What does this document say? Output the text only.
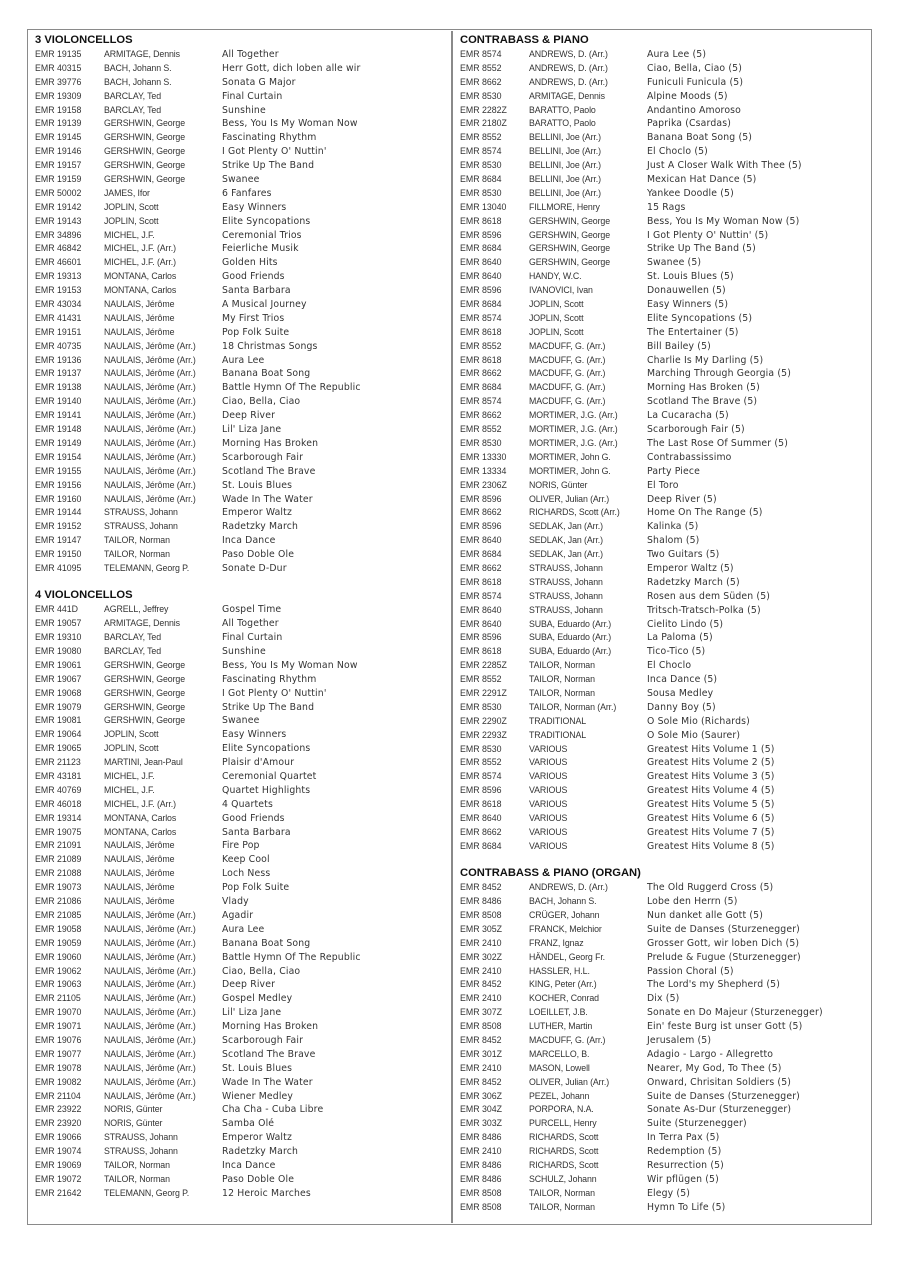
3 VIOLONCELLOS
EMR 19135	ARMITAGE, Dennis	All Together
EMR 40315	BACH, Johann S.	Herr Gott, dich loben alle wir
EMR 39776	BACH, Johann S.	Sonata G Major
EMR 19309	BARCLAY, Ted	Final Curtain
EMR 19158	BARCLAY, Ted	Sunshine
EMR 19139	GERSHWIN, George	Bess, You Is My Woman Now
EMR 19145	GERSHWIN, George	Fascinating Rhythm
EMR 19146	GERSHWIN, George	I Got Plenty O' Nuttin'
EMR 19157	GERSHWIN, George	Strike Up The Band
EMR 19159	GERSHWIN, George	Swanee
EMR 50002	JAMES, Ifor	6 Fanfares
EMR 19142	JOPLIN, Scott	Easy Winners
EMR 19143	JOPLIN, Scott	Elite Syncopations
EMR 34896	MICHEL, J.F.	Ceremonial Trios
EMR 46842	MICHEL, J.F. (Arr.)	Feierliche Musik
EMR 46601	MICHEL, J.F. (Arr.)	Golden Hits
EMR 19313	MONTANA, Carlos	Good Friends
EMR 19153	MONTANA, Carlos	Santa Barbara
EMR 43034	NAULAIS, Jérôme	A Musical Journey
EMR 41431	NAULAIS, Jérôme	My First Trios
EMR 19151	NAULAIS, Jérôme	Pop Folk Suite
EMR 40735	NAULAIS, Jérôme (Arr.)	18 Christmas Songs
EMR 19136	NAULAIS, Jérôme (Arr.)	Aura Lee
EMR 19137	NAULAIS, Jérôme (Arr.)	Banana Boat Song
EMR 19138	NAULAIS, Jérôme (Arr.)	Battle Hymn Of The Republic
EMR 19140	NAULAIS, Jérôme (Arr.)	Ciao, Bella, Ciao
EMR 19141	NAULAIS, Jérôme (Arr.)	Deep River
EMR 19148	NAULAIS, Jérôme (Arr.)	Lil' Liza Jane
EMR 19149	NAULAIS, Jérôme (Arr.)	Morning Has Broken
EMR 19154	NAULAIS, Jérôme (Arr.)	Scarborough Fair
EMR 19155	NAULAIS, Jérôme (Arr.)	Scotland The Brave
EMR 19156	NAULAIS, Jérôme (Arr.)	St. Louis Blues
EMR 19160	NAULAIS, Jérôme (Arr.)	Wade In The Water
EMR 19144	STRAUSS, Johann	Emperor Waltz
EMR 19152	STRAUSS, Johann	Radetzky March
EMR 19147	TAILOR, Norman	Inca Dance
EMR 19150	TAILOR, Norman	Paso Doble Ole
EMR 41095	TELEMANN, Georg P.	Sonate D-Dur
4 VIOLONCELLOS
EMR 441D	AGRELL, Jeffrey	Gospel Time
EMR 19057	ARMITAGE, Dennis	All Together
EMR 19310	BARCLAY, Ted	Final Curtain
EMR 19080	BARCLAY, Ted	Sunshine
EMR 19061	GERSHWIN, George	Bess, You Is My Woman Now
EMR 19067	GERSHWIN, George	Fascinating Rhythm
EMR 19068	GERSHWIN, George	I Got Plenty O' Nuttin'
EMR 19079	GERSHWIN, George	Strike Up The Band
EMR 19081	GERSHWIN, George	Swanee
EMR 19064	JOPLIN, Scott	Easy Winners
EMR 19065	JOPLIN, Scott	Elite Syncopations
EMR 21123	MARTINI, Jean-Paul	Plaisir d'Amour
EMR 43181	MICHEL, J.F.	Ceremonial Quartet
EMR 40769	MICHEL, J.F.	Quartet Highlights
EMR 46018	MICHEL, J.F. (Arr.)	4 Quartets
EMR 19314	MONTANA, Carlos	Good Friends
EMR 19075	MONTANA, Carlos	Santa Barbara
EMR 21091	NAULAIS, Jérôme	Fire Pop
EMR 21089	NAULAIS, Jérôme	Keep Cool
EMR 21088	NAULAIS, Jérôme	Loch Ness
EMR 19073	NAULAIS, Jérôme	Pop Folk Suite
EMR 21086	NAULAIS, Jérôme	Vlady
EMR 21085	NAULAIS, Jérôme (Arr.)	Agadir
EMR 19058	NAULAIS, Jérôme (Arr.)	Aura Lee
EMR 19059	NAULAIS, Jérôme (Arr.)	Banana Boat Song
EMR 19060	NAULAIS, Jérôme (Arr.)	Battle Hymn Of The Republic
EMR 19062	NAULAIS, Jérôme (Arr.)	Ciao, Bella, Ciao
EMR 19063	NAULAIS, Jérôme (Arr.)	Deep River
EMR 21105	NAULAIS, Jérôme (Arr.)	Gospel Medley
EMR 19070	NAULAIS, Jérôme (Arr.)	Lil' Liza Jane
EMR 19071	NAULAIS, Jérôme (Arr.)	Morning Has Broken
EMR 19076	NAULAIS, Jérôme (Arr.)	Scarborough Fair
EMR 19077	NAULAIS, Jérôme (Arr.)	Scotland The Brave
EMR 19078	NAULAIS, Jérôme (Arr.)	St. Louis Blues
EMR 19082	NAULAIS, Jérôme (Arr.)	Wade In The Water
EMR 21104	NAULAIS, Jérôme (Arr.)	Wiener Medley
EMR 23922	NORIS, Günter	Cha Cha - Cuba Libre
EMR 23920	NORIS, Günter	Samba Olé
EMR 19066	STRAUSS, Johann	Emperor Waltz
EMR 19074	STRAUSS, Johann	Radetzky March
EMR 19069	TAILOR, Norman	Inca Dance
EMR 19072	TAILOR, Norman	Paso Doble Ole
EMR 21642	TELEMANN, Georg P.	12 Heroic Marches
CONTRABASS & PIANO
EMR 8574	ANDREWS, D. (Arr.)	Aura Lee (5)
EMR 8552	ANDREWS, D. (Arr.)	Ciao, Bella, Ciao (5)
EMR 8662	ANDREWS, D. (Arr.)	Funiculi Funicula (5)
EMR 8530	ARMITAGE, Dennis	Alpine Moods (5)
EMR 2282Z	BARATTO, Paolo	Andantino Amoroso
EMR 2180Z	BARATTO, Paolo	Paprika (Csardas)
EMR 8552	BELLINI, Joe (Arr.)	Banana Boat Song (5)
EMR 8574	BELLINI, Joe (Arr.)	El Choclo (5)
EMR 8530	BELLINI, Joe (Arr.)	Just A Closer Walk With Thee (5)
EMR 8684	BELLINI, Joe (Arr.)	Mexican Hat Dance (5)
EMR 8530	BELLINI, Joe (Arr.)	Yankee Doodle (5)
EMR 13040	FILLMORE, Henry	15 Rags
EMR 8618	GERSHWIN, George	Bess, You Is My Woman Now (5)
EMR 8596	GERSHWIN, George	I Got Plenty O' Nuttin' (5)
EMR 8684	GERSHWIN, George	Strike Up The Band (5)
EMR 8640	GERSHWIN, George	Swanee (5)
EMR 8640	HANDY, W.C.	St. Louis Blues (5)
EMR 8596	IVANOVICI, Ivan	Donauwellen (5)
EMR 8684	JOPLIN, Scott	Easy Winners (5)
EMR 8574	JOPLIN, Scott	Elite Syncopations (5)
EMR 8618	JOPLIN, Scott	The Entertainer (5)
EMR 8552	MACDUFF, G. (Arr.)	Bill Bailey (5)
EMR 8618	MACDUFF, G. (Arr.)	Charlie Is My Darling (5)
EMR 8662	MACDUFF, G. (Arr.)	Marching Through Georgia (5)
EMR 8684	MACDUFF, G. (Arr.)	Morning Has Broken (5)
EMR 8574	MACDUFF, G. (Arr.)	Scotland The Brave (5)
EMR 8662	MORTIMER, J.G. (Arr.)	La Cucaracha (5)
EMR 8552	MORTIMER, J.G. (Arr.)	Scarborough Fair (5)
EMR 8530	MORTIMER, J.G. (Arr.)	The Last Rose Of Summer (5)
EMR 13330	MORTIMER, John G.	Contrabassissimo
EMR 13334	MORTIMER, John G.	Party Piece
EMR 2306Z	NORIS, Günter	El Toro
EMR 8596	OLIVER, Julian (Arr.)	Deep River (5)
EMR 8662	RICHARDS, Scott (Arr.)	Home On The Range (5)
EMR 8596	SEDLAK, Jan (Arr.)	Kalinka (5)
EMR 8640	SEDLAK, Jan (Arr.)	Shalom (5)
EMR 8684	SEDLAK, Jan (Arr.)	Two Guitars (5)
EMR 8662	STRAUSS, Johann	Emperor Waltz (5)
EMR 8618	STRAUSS, Johann	Radetzky March (5)
EMR 8574	STRAUSS, Johann	Rosen aus dem Süden (5)
EMR 8640	STRAUSS, Johann	Tritsch-Tratsch-Polka (5)
EMR 8640	SUBA, Eduardo (Arr.)	Cielito Lindo (5)
EMR 8596	SUBA, Eduardo (Arr.)	La Paloma (5)
EMR 8618	SUBA, Eduardo (Arr.)	Tico-Tico (5)
EMR 2285Z	TAILOR, Norman	El Choclo
EMR 8552	TAILOR, Norman	Inca Dance (5)
EMR 2291Z	TAILOR, Norman	Sousa Medley
EMR 8530	TAILOR, Norman (Arr.)	Danny Boy (5)
EMR 2290Z	TRADITIONAL	O Sole Mio (Richards)
EMR 2293Z	TRADITIONAL	O Sole Mio (Saurer)
EMR 8530	VARIOUS	Greatest Hits Volume 1 (5)
EMR 8552	VARIOUS	Greatest Hits Volume 2 (5)
EMR 8574	VARIOUS	Greatest Hits Volume 3 (5)
EMR 8596	VARIOUS	Greatest Hits Volume 4 (5)
EMR 8618	VARIOUS	Greatest Hits Volume 5 (5)
EMR 8640	VARIOUS	Greatest Hits Volume 6 (5)
EMR 8662	VARIOUS	Greatest Hits Volume 7 (5)
EMR 8684	VARIOUS	Greatest Hits Volume 8 (5)
CONTRABASS & PIANO (ORGAN)
EMR 8452	ANDREWS, D. (Arr.)	The Old Ruggerd Cross (5)
EMR 8486	BACH, Johann S.	Lobe den Herrn (5)
EMR 8508	CRÜGER, Johann	Nun danket alle Gott (5)
EMR 305Z	FRANCK, Melchior	Suite de Danses (Sturzenegger)
EMR 2410	FRANZ, Ignaz	Grosser Gott, wir loben Dich (5)
EMR 302Z	HÄNDEL, Georg Fr.	Prelude & Fugue (Sturzenegger)
EMR 2410	HASSLER, H.L.	Passion Choral (5)
EMR 8452	KING, Peter (Arr.)	The Lord's my Shepherd (5)
EMR 2410	KOCHER, Conrad	Dix (5)
EMR 307Z	LOEILLET, J.B.	Sonate en Do Majeur (Sturzenegger)
EMR 8508	LUTHER, Martin	Ein' feste Burg ist unser Gott (5)
EMR 8452	MACDUFF, G. (Arr.)	Jerusalem (5)
EMR 301Z	MARCELLO, B.	Adagio - Largo - Allegretto
EMR 2410	MASON, Lowell	Nearer, My God, To Thee (5)
EMR 8452	OLIVER, Julian (Arr.)	Onward, Chrisitan Soldiers (5)
EMR 306Z	PEZEL, Johann	Suite de Danses (Sturzenegger)
EMR 304Z	PORPORA, N.A.	Sonate As-Dur (Sturzenegger)
EMR 303Z	PURCELL, Henry	Suite (Sturzenegger)
EMR 8486	RICHARDS, Scott	In Terra Pax (5)
EMR 2410	RICHARDS, Scott	Redemption (5)
EMR 8486	RICHARDS, Scott	Resurrection (5)
EMR 8486	SCHULZ, Johann	Wir pflügen (5)
EMR 8508	TAILOR, Norman	Elegy (5)
EMR 8508	TAILOR, Norman	Hymn To Life (5)
